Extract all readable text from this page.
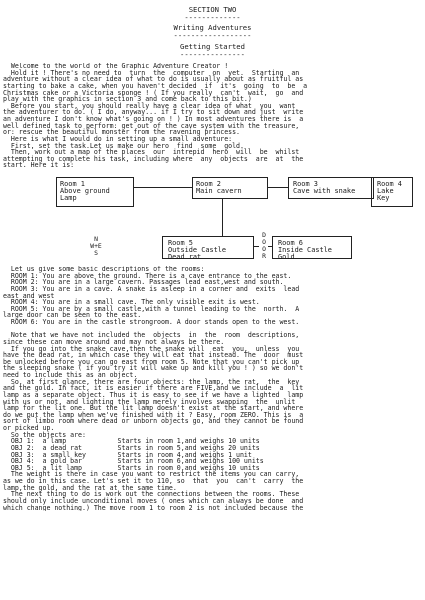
SECTION TWO
-------------
Writing Adventures
------------------
Getting Started
---------------
Welcome to the world of the Graphic Adventure Creator !
Hold it ! There's no need to  turn  the  computer  on  yet.  Starting  an
adventure without a clear idea of what to do is usually about as fruitful as
starting to bake a cake, when you haven't decided  if  it's  going  to  be  a
Christmas cake or a Victoria sponge ! ( If you really  can't  wait,  go  and
play with the graphics in section 3 and come back to this bit.)
Before you start, you should really have a clear idea of what  you  want
the adventurer to do. ( I do, anyway... if I try to sit down and just  write
an adventure I don't know what's going on ! ) In most adventures there is  a
well defined task to perform: get out of the cave system with the treasure,
or: rescue the beautiful monster from the ravening princess.
Here is what I would do in setting up a small adventure:
First, set the task.Let us make our hero  find  some  gold.
Then, work out a map of the places  our  intrepid  hero  will  be  whilst
attempting to complete his task, including where  any  objects  are  at  the
start. Here it is:
Room 1
Above ground
Lamp
Room 2
Main cavern
Room 3
Cave with snake
Room 4
Lake
Key
Room 5
Outside Castle
Dead rat
Room 6
Inside Castle
Gold
D
O
O
R
N
W+E
S
Let us give some basic descriptions of the rooms:
ROOM 1: You are above the ground. There is a cave entrance to the east.
ROOM 2: You are in a large cavern. Passages lead east,west and south.
ROOM 3: You are in a cave. A snake is asleep in a corner and  exits  lead
east and west
ROOM 4: You are in a small cave. The only visible exit is west.
ROOM 5: You are by a small castle,with a tunnel leading to the  north.  A
large door can be seen to the east.
ROOM 6: You are in the castle strongroom. A door stands open to the west.

Note that we have not included the  objects  in  the  room  descriptions,
since these can move around and may not always be there.
If you go into the snake cave,then the snake will  eat  you,  unless  you
have the dead rat, in which case they will eat that instead. The  door  must
be unlocked before you can go east from room 5. Note that you can't pick up
the sleeping snake ( if you try it will wake up and kill you ! ) so we don't
need to include this as an object.
So, at first glance, there are four objects: the lamp, the rat,  the  key
and the gold. In fact, it is easier if there are FIVE,and we include  a  lit
lamp as a separate object. Thus it is easy to see if we have a lighted  lamp
with us or not, and lighting the lamp merely involves swapping  the  unlit
lamp for the lit one. But the lit lamp doesn't exist at the start, and where
do we put the lamp when we've finished with it ? Easy, room ZERO. This is  a
sort of limbo room where dead or unborn objects go, and they cannot be found
or picked up.
So the objects are:
OBJ 1:  a lamp             Starts in room 1,and weighs 10 units
OBJ 2:  a dead rat         Starts in room 5,and weighs 20 units
OBJ 3:  a small key        Starts in room 4,and weighs 1 unit
OBJ 4:  a gold bar         Starts in room 6,and weighs 100 units
OBJ 5:  a lit lamp         Starts in room 0,and weighs 10 units
The weight is there in case you want to restrict the items you can carry,
as we do in this case. Let's set it to 110, so  that  you  can't  carry  the
lamp,the gold, and the rat at the same time.
The next thing to do is work out the connections between the rooms. These
should only include unconditional moves ( ones which can always be done  and
which change nothing.) The move room 1 to room 2 is not included because the
